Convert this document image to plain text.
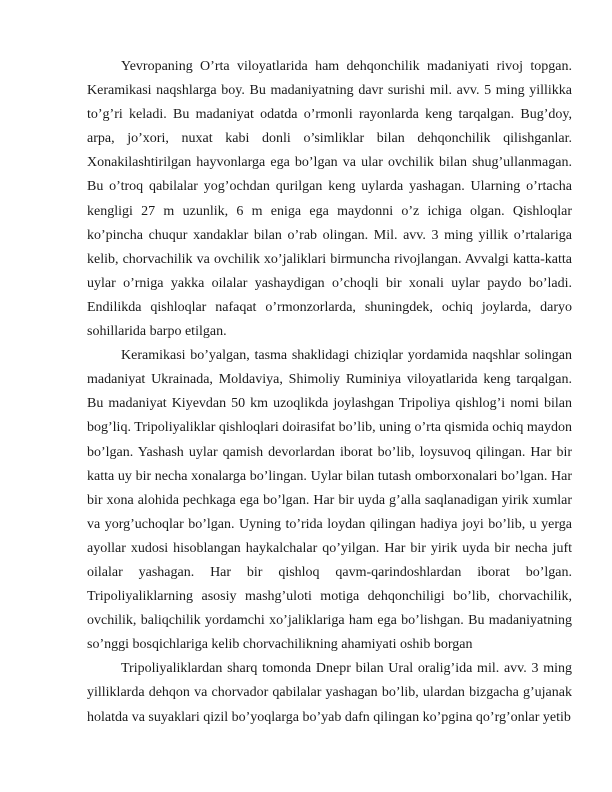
Yevropaning O’rta viloyatlarida ham dehqonchilik madaniyati rivoj topgan. Keramikasi naqshlarga boy. Bu madaniyatning davr surishi mil. avv. 5 ming yillikka to’g’ri keladi. Bu madaniyat odatda o’rmonli rayonlarda keng tarqalgan. Bug’doy, arpa, jo’xori, nuxat kabi donli o’simliklar bilan dehqonchilik qilishganlar. Xonakilashtirilgan hayvonlarga ega bo’lgan va ular ovchilik bilan shug’ullanmagan. Bu o’troq qabilalar yog’ochdan qurilgan keng uylarda yashagan. Ularning o’rtacha kengligi 27 m uzunlik, 6 m eniga ega maydonni o’z ichiga olgan. Qishloqlar ko’pincha chuqur xandaklar bilan o’rab olingan. Mil. avv. 3 ming yillik o’rtalariga kelib, chorvachilik va ovchilik xo’jaliklari birmuncha rivojlangan. Avvalgi katta-katta uylar o’rniga yakka oilalar yashaydigan o’choqli bir xonali uylar paydo bo’ladi. Endilikda qishloqlar nafaqat o’rmonzorlarda, shuningdek, ochiq joylarda, daryo sohillarida barpo etilgan.

Keramikasi bo’yalgan, tasma shaklidagi chiziqlar yordamida naqshlar solingan madaniyat Ukrainada, Moldaviya, Shimoliy Ruminiya viloyatlarida keng tarqalgan. Bu madaniyat Kiyevdan 50 km uzoqlikda joylashgan Tripoliya qishlog’i nomi bilan bog’liq. Tripoliyaliklar qishloqlari doirasifat bo’lib, uning o’rta qismida ochiq maydon bo’lgan. Yashash uylar qamish devorlardan iborat bo’lib, loysuvoq qilingan. Har bir katta uy bir necha xonalarga bo’lingan. Uylar bilan tutash omborxonalari bo’lgan. Har bir xona alohida pechkaga ega bo’lgan. Har bir uyda g’alla saqlanadigan yirik xumlar va yorg’uchoqlar bo’lgan. Uyning to’rida loydan qilingan hadiya joyi bo’lib, u yerga ayollar xudosi hisoblangan haykalchalar qo’yilgan. Har bir yirik uyda bir necha juft oilalar yashagan. Har bir qishloq qavm-qarindoshlardan iborat bo’lgan. Tripoliyaliklarning asosiy mashg’uloti motiga dehqonchiligi bo’lib, chorvachilik, ovchilik, baliqchilik yordamchi xo’jaliklariga ham ega bo’lishgan. Bu madaniyatning so’nggi bosqichlariga kelib chorvachilikning ahamiyati oshib borgan

Tripoliyaliklardan sharq tomonda Dnepr bilan Ural oralig’ida mil. avv. 3 ming yilliklarda dehqon va chorvador qabilalar yashagan bo’lib, ulardan bizgacha g’ujanak holatda va suyaklari qizil bo’yoqlarga bo’yab dafn qilingan ko’pgina qo’rg’onlar yetib
